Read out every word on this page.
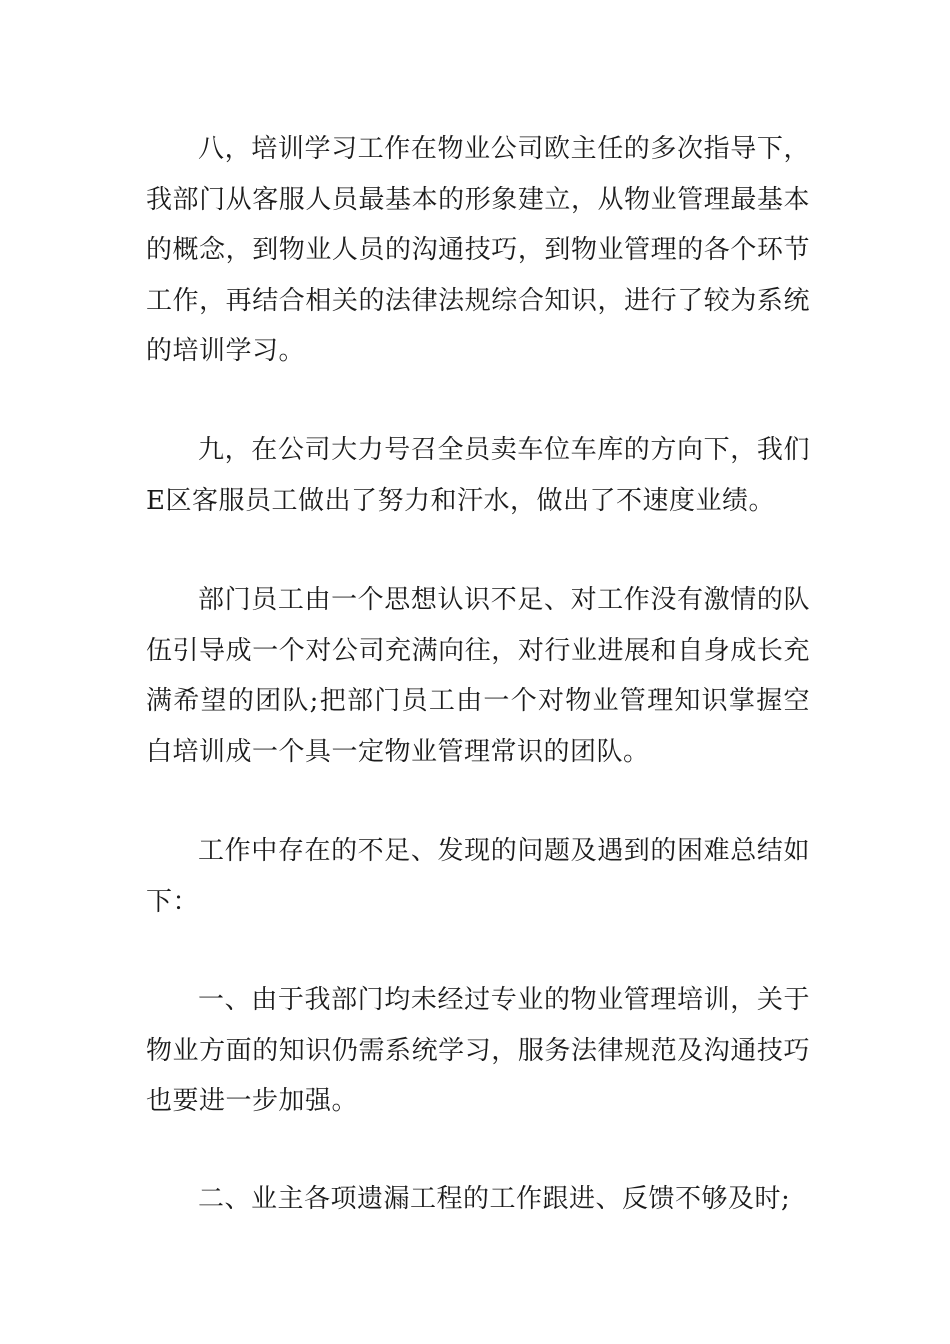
八，培训学习工作在物业公司欧主任的多次指导下，我部门从客服人员最基本的形象建立，从物业管理最基本的概念，到物业人员的沟通技巧，到物业管理的各个环节工作，再结合相关的法律法规综合知识，进行了较为系统的培训学习。

九，在公司大力号召全员卖车位车库的方向下，我们E区客服员工做出了努力和汗水，做出了不速度业绩。

部门员工由一个思想认识不足、对工作没有激情的队伍引导成一个对公司充满向往，对行业进展和自身成长充满希望的团队;把部门员工由一个对物业管理知识掌握空白培训成一个具一定物业管理常识的团队。

工作中存在的不足、发现的问题及遇到的困难总结如下：

一、由于我部门均未经过专业的物业管理培训，关于物业方面的知识仍需系统学习，服务法律规范及沟通技巧也要进一步加强。

二、业主各项遗漏工程的工作跟进、反馈不够及时;
